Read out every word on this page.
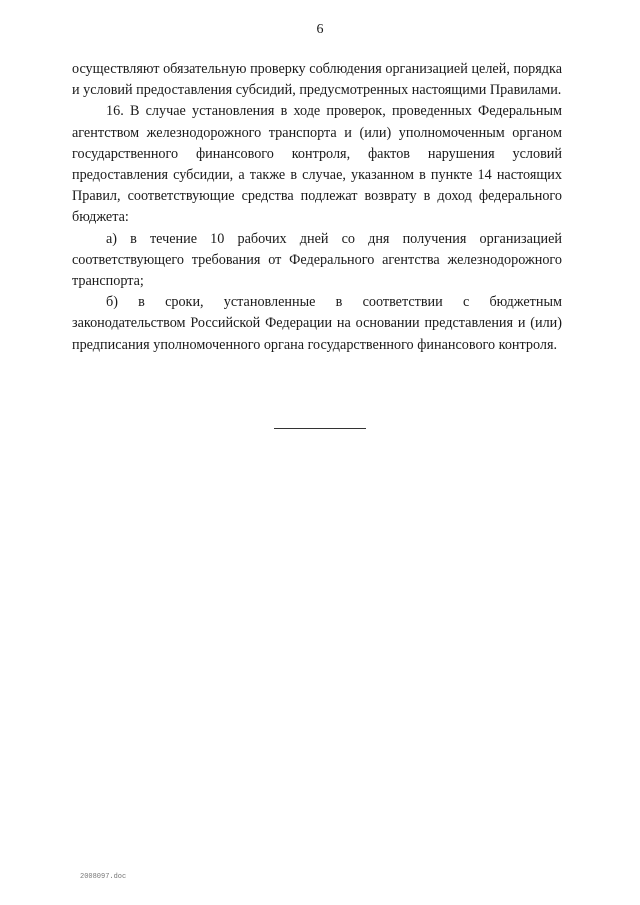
6

осуществляют обязательную проверку соблюдения организацией целей, порядка и условий предоставления субсидий, предусмотренных настоящими Правилами.

16. В случае установления в ходе проверок, проведенных Федеральным агентством железнодорожного транспорта и (или) уполномоченным органом государственного финансового контроля, фактов нарушения условий предоставления субсидии, а также в случае, указанном в пункте 14 настоящих Правил, соответствующие средства подлежат возврату в доход федерального бюджета:

а) в течение 10 рабочих дней со дня получения организацией соответствующего требования от Федерального агентства железнодорожного транспорта;

б) в сроки, установленные в соответствии с бюджетным законодательством Российской Федерации на основании представления и (или) предписания уполномоченного органа государственного финансового контроля.

2008097.doc
